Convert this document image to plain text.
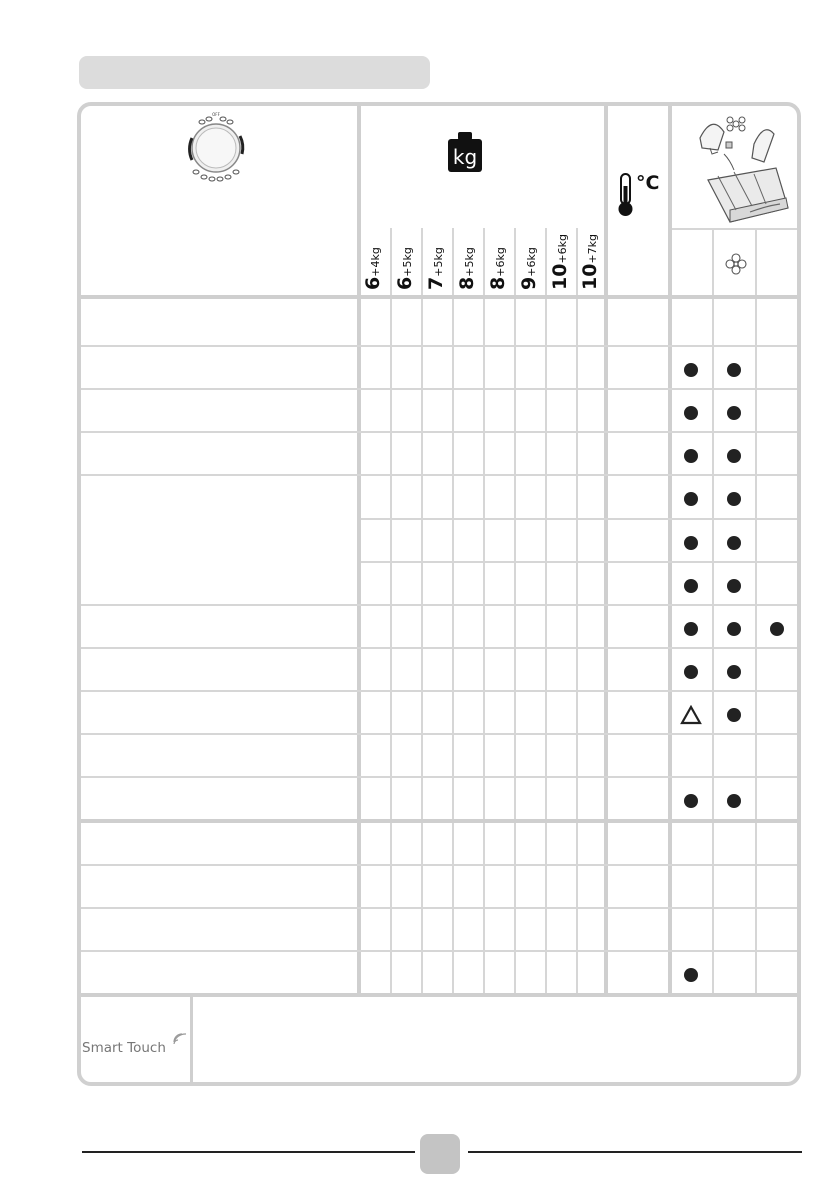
OFF
kg
°C
6+4kg
6+5kg
7+5kg
8+5kg
8+6kg
9+6kg
10+6kg
10+7kg
Smart Touch
